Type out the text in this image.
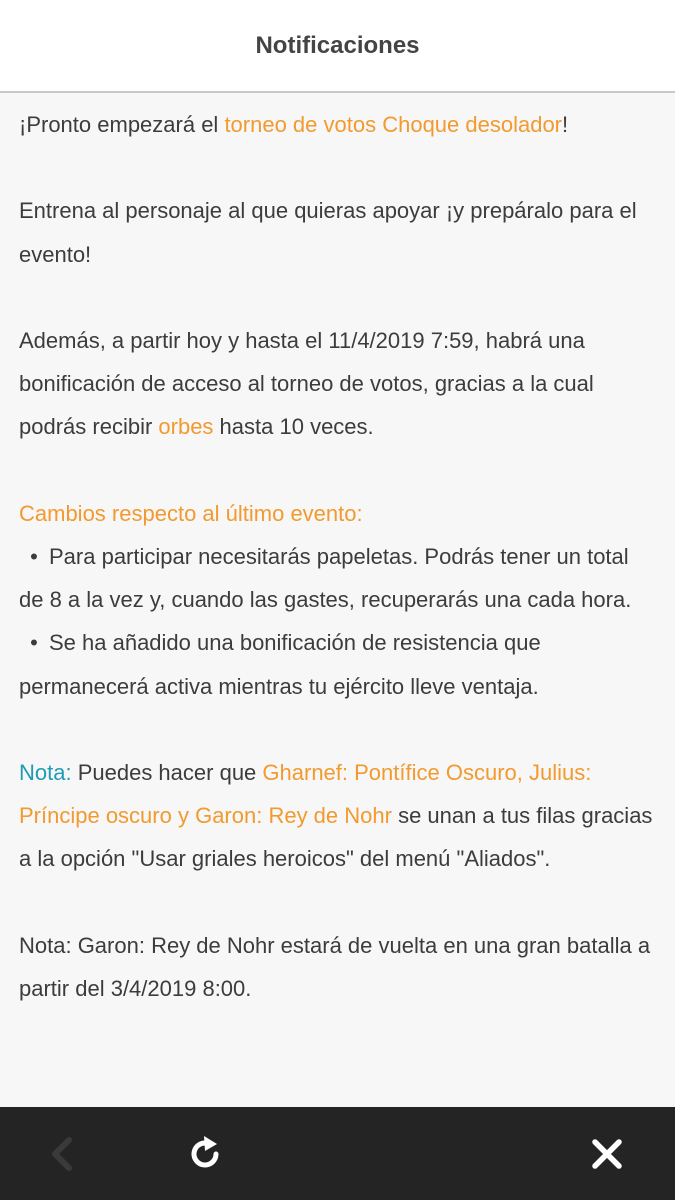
Notificaciones

¡Pronto empezará el torneo de votos Choque desolador!

Entrena al personaje al que quieras apoyar ¡y prepáralo para el evento!

Además, a partir hoy y hasta el 11/4/2019 7:59, habrá una bonificación de acceso al torneo de votos, gracias a la cual podrás recibir orbes hasta 10 veces.

Cambios respecto al último evento:

• Para participar necesitarás papeletas. Podrás tener un total de 8 a la vez y, cuando las gastes, recuperarás una cada hora.

• Se ha añadido una bonificación de resistencia que permanecerá activa mientras tu ejército lleve ventaja.

Nota: Puedes hacer que Gharnef: Pontífice Oscuro, Julius: Príncipe oscuro y Garon: Rey de Nohr se unan a tus filas gracias a la opción "Usar griales heroicos" del menú "Aliados".

Nota: Garon: Rey de Nohr estará de vuelta en una gran batalla a partir del 3/4/2019 8:00.
